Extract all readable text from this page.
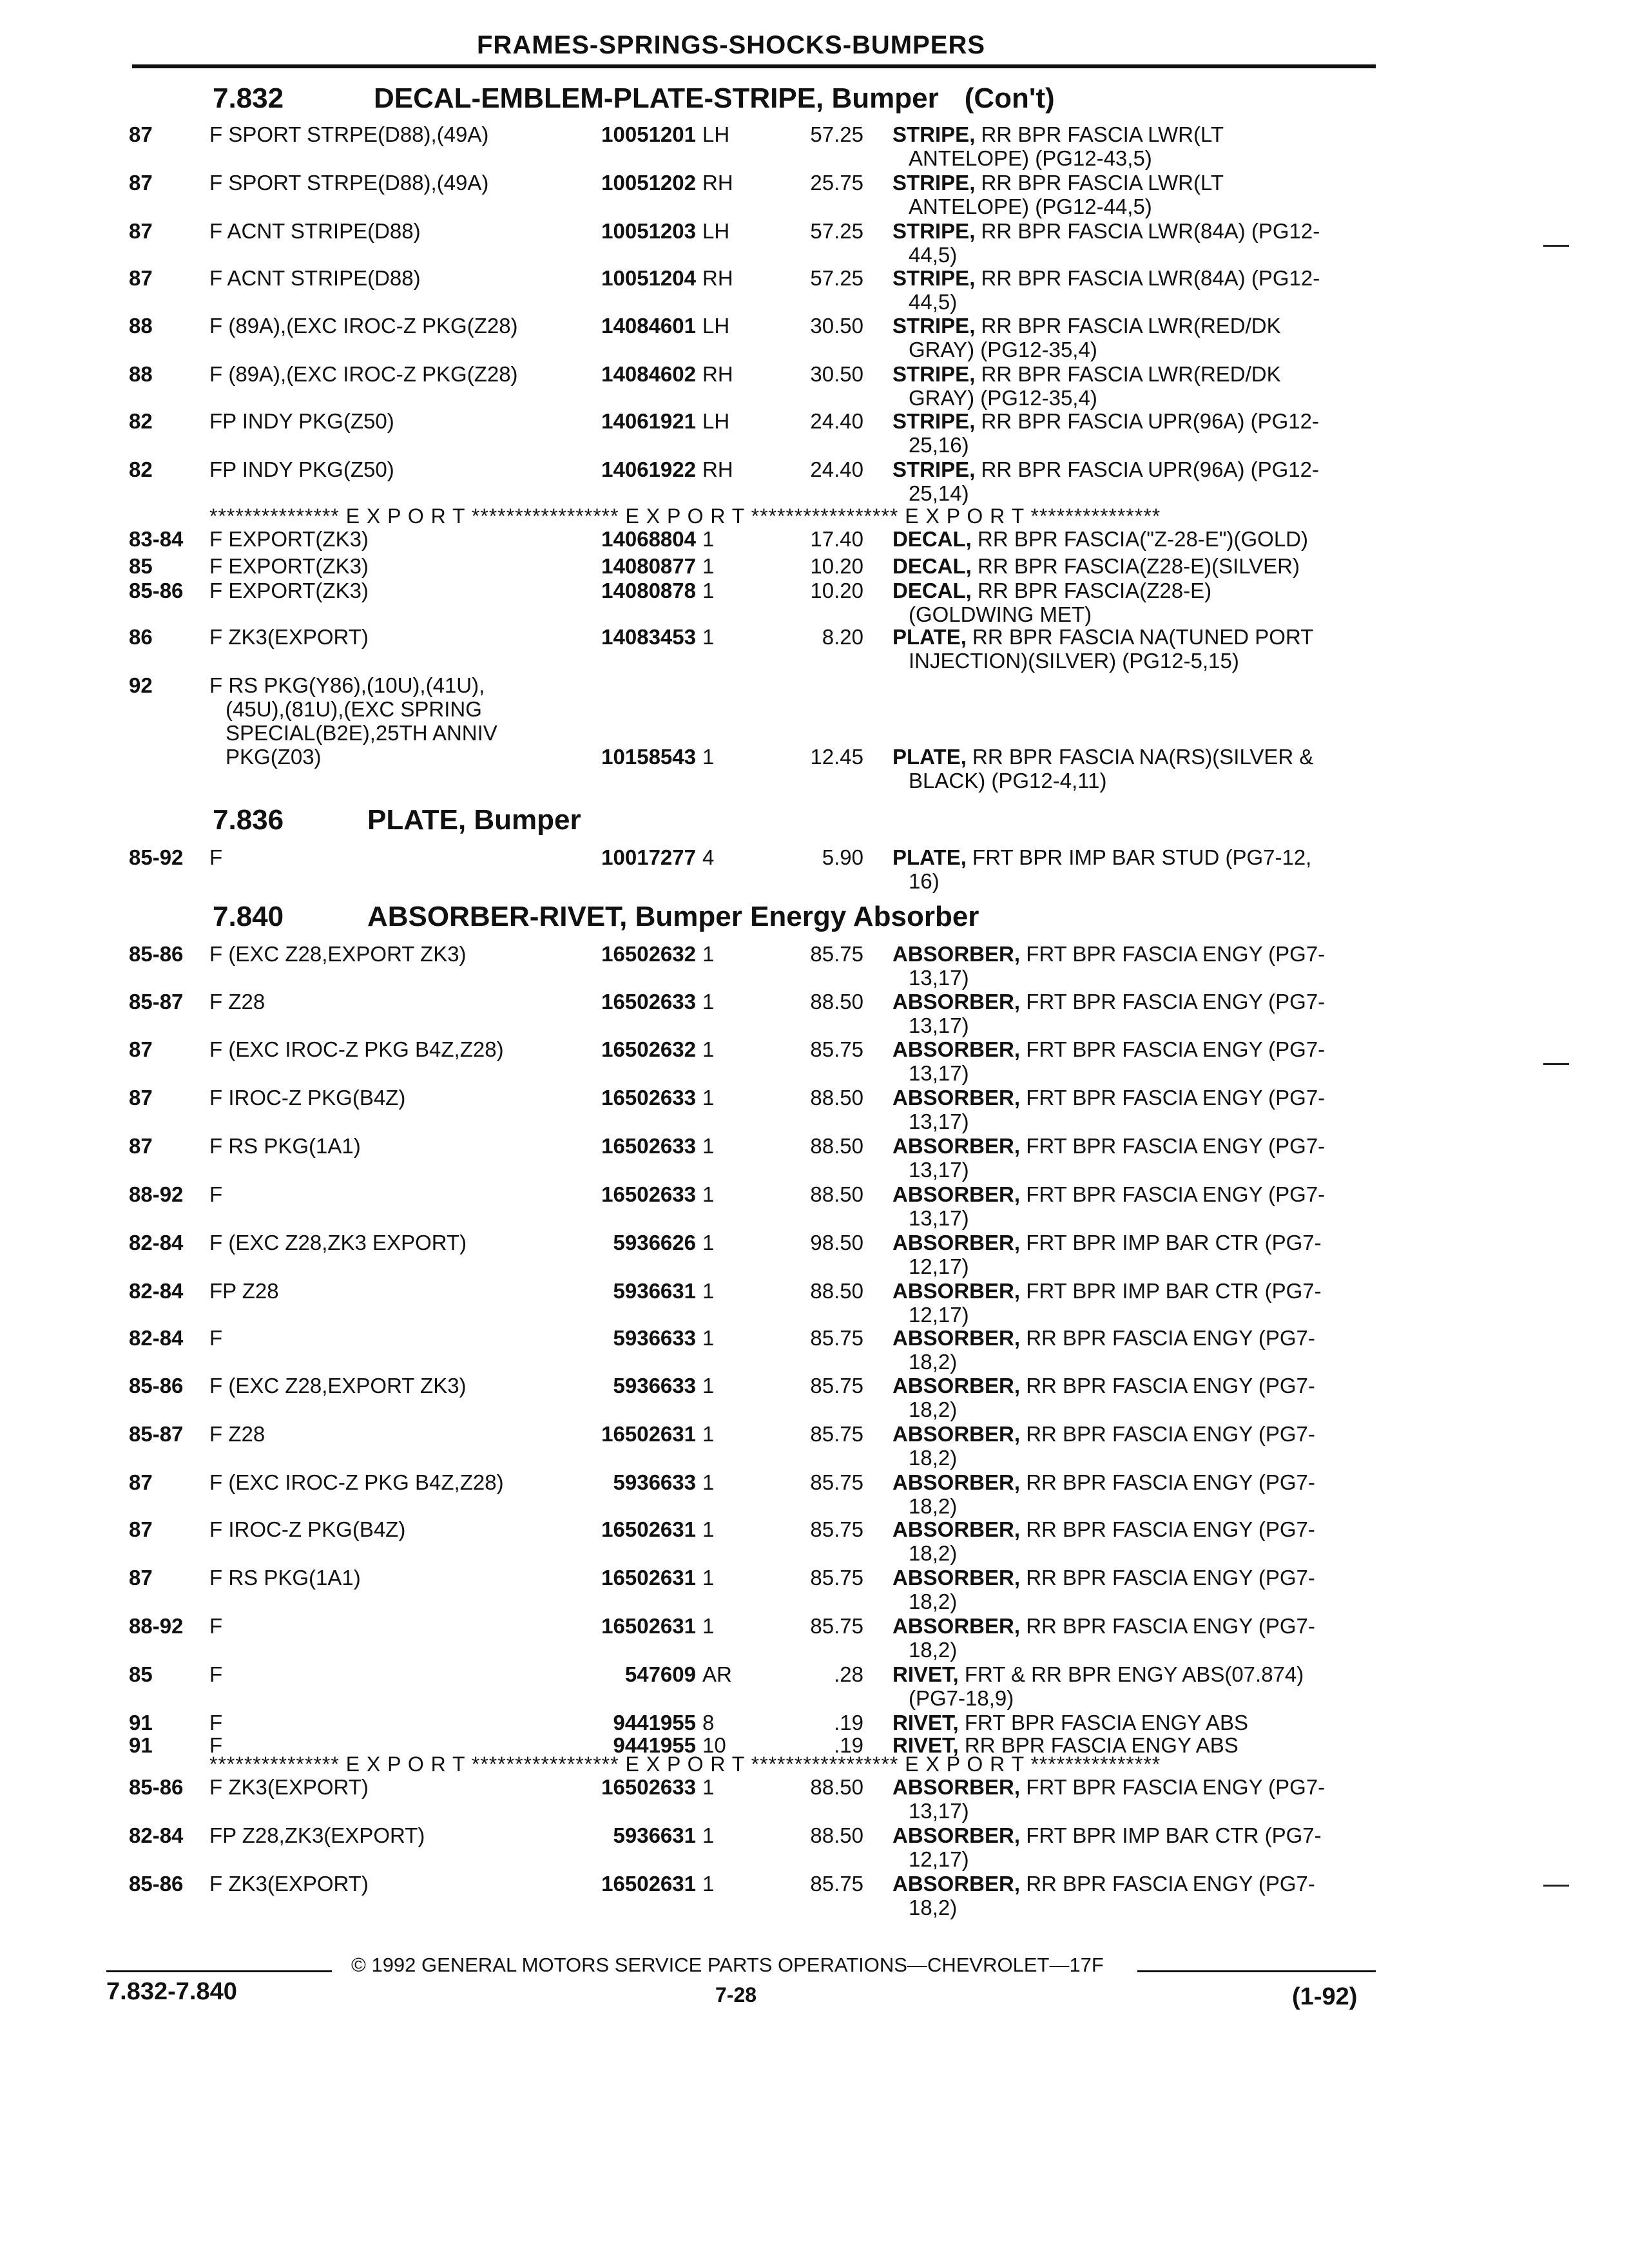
FRAMES-SPRINGS-SHOCKS-BUMPERS
7.832	DECAL-EMBLEM-PLATE-STRIPE, Bumper (Con't)
7.836	PLATE, Bumper
7.840	ABSORBER-RIVET, Bumper Energy Absorber
*************** E X P O R T ***************** E X P O R T ***************** E X P O R T ***************
*************** E X P O R T ***************** E X P O R T ***************** E X P O R T ***************
87	F SPORT STRPE(D88),(49A)	10051201 LH	57.25 STRIPE, RR BPR FASCIA LWR(LT
ANTELOPE) (PG12-43,5)
87	F SPORT STRPE(D88),(49A)	10051202 RH	25.75 STRIPE, RR BPR FASCIA LWR(LT
ANTELOPE) (PG12-44,5)
87	F ACNT STRIPE(D88)	10051203 LH	57.25 STRIPE, RR BPR FASCIA LWR(84A) (PG12-
44,5)
87	F ACNT STRIPE(D88)	10051204 RH	57.25 STRIPE, RR BPR FASCIA LWR(84A) (PG12-
44,5)
88	F (89A),(EXC IROC-Z PKG(Z28)	14084601 LH	30.50 STRIPE, RR BPR FASCIA LWR(RED/DK
GRAY) (PG12-35,4)
88	F (89A),(EXC IROC-Z PKG(Z28)	14084602 RH	30.50 STRIPE, RR BPR FASCIA LWR(RED/DK
GRAY) (PG12-35,4)
82	FP INDY PKG(Z50)	14061921 LH	24.40 STRIPE, RR BPR FASCIA UPR(96A) (PG12-
25,16)
82	FP INDY PKG(Z50)	14061922 RH	24.40 STRIPE, RR BPR FASCIA UPR(96A) (PG12-
25,14)
83-84 F EXPORT(ZK3)	14068804 1	17.40 DECAL, RR BPR FASCIA("Z-28-E")(GOLD)
85	F EXPORT(ZK3)	14080877 1	10.20 DECAL, RR BPR FASCIA(Z28-E)(SILVER)
85-86 F EXPORT(ZK3)	14080878 1	10.20 DECAL, RR BPR FASCIA(Z28-E)
(GOLDWING MET)
86	F ZK3(EXPORT)	14083453 1	8.20 PLATE, RR BPR FASCIA NA(TUNED PORT
INJECTION)(SILVER) (PG12-5,15)
92	F RS PKG(Y86),(10U),(41U),
(45U),(81U),(EXC SPRING
SPECIAL(B2E),25TH ANNIV
PKG(Z03)	10158543 1	12.45 PLATE, RR BPR FASCIA NA(RS)(SILVER &
BLACK) (PG12-4,11)
85-92 F	10017277 4	5.90 PLATE, FRT BPR IMP BAR STUD (PG7-12,
16)
85-86 F (EXC Z28,EXPORT ZK3)	16502632 1	85.75 ABSORBER, FRT BPR FASCIA ENGY (PG7-
13,17)
85-87 F Z28	16502633 1	88.50 ABSORBER, FRT BPR FASCIA ENGY (PG7-
13,17)
87	F (EXC IROC-Z PKG B4Z,Z28)	16502632 1	85.75 ABSORBER, FRT BPR FASCIA ENGY (PG7-
13,17)
87	F IROC-Z PKG(B4Z)	16502633 1	88.50 ABSORBER, FRT BPR FASCIA ENGY (PG7-
13,17)
87	F RS PKG(1A1)	16502633 1	88.50 ABSORBER, FRT BPR FASCIA ENGY (PG7-
13,17)
88-92 F	16502633 1	88.50 ABSORBER, FRT BPR FASCIA ENGY (PG7-
13,17)
82-84 F (EXC Z28,ZK3 EXPORT)	5936626 1	98.50 ABSORBER, FRT BPR IMP BAR CTR (PG7-
12,17)
82-84 FP Z28	5936631 1	88.50 ABSORBER, FRT BPR IMP BAR CTR (PG7-
12,17)
82-84 F	5936633 1	85.75 ABSORBER, RR BPR FASCIA ENGY (PG7-
18,2)
85-86 F (EXC Z28,EXPORT ZK3)	5936633 1	85.75 ABSORBER, RR BPR FASCIA ENGY (PG7-
18,2)
85-87 F Z28	16502631 1	85.75 ABSORBER, RR BPR FASCIA ENGY (PG7-
18,2)
87	F (EXC IROC-Z PKG B4Z,Z28)	5936633 1	85.75 ABSORBER, RR BPR FASCIA ENGY (PG7-
18,2)
87	F IROC-Z PKG(B4Z)	16502631 1	85.75 ABSORBER, RR BPR FASCIA ENGY (PG7-
18,2)
87	F RS PKG(1A1)	16502631 1	85.75 ABSORBER, RR BPR FASCIA ENGY (PG7-
18,2)
88-92 F	16502631 1	85.75 ABSORBER, RR BPR FASCIA ENGY (PG7-
18,2)
85	F	547609 AR	.28 RIVET, FRT & RR BPR ENGY ABS(07.874)
(PG7-18,9)
91	F	9441955 8	.19 RIVET, FRT BPR FASCIA ENGY ABS
91	F	9441955 10	.19 RIVET, RR BPR FASCIA ENGY ABS
85-86 F ZK3(EXPORT)	16502633 1	88.50 ABSORBER, FRT BPR FASCIA ENGY (PG7-
13,17)
82-84 FP Z28,ZK3(EXPORT)	5936631 1	88.50 ABSORBER, FRT BPR IMP BAR CTR (PG7-
12,17)
85-86 F ZK3(EXPORT)	16502631 1	85.75 ABSORBER, RR BPR FASCIA ENGY (PG7-
18,2)
© 1992 GENERAL MOTORS SERVICE PARTS OPERATIONS—CHEVROLET—17F
7.832-7.840	7-28	(1-92)
